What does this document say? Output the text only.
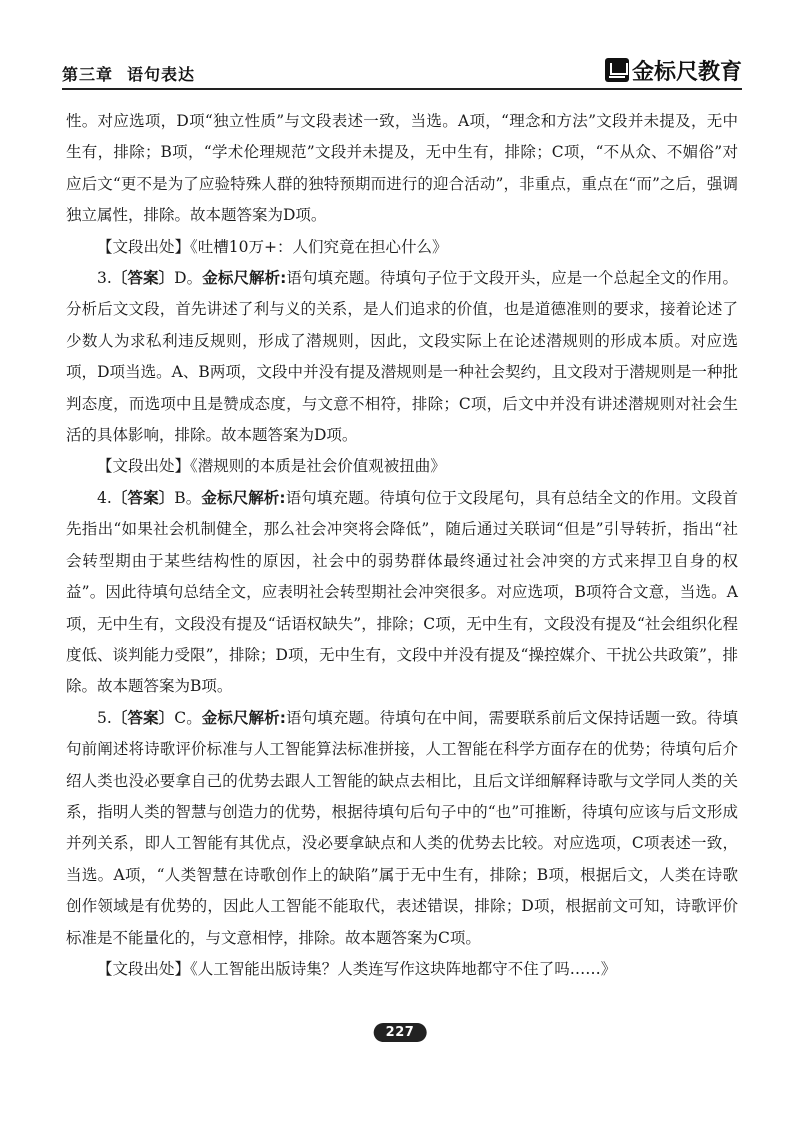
第三章 语句表达	金标尺教育

性。对应选项，D项“独立性质”与文段表述一致，当选。A项，“理念和方法”文段并未提及，无中生有，排除；B项，“学术伦理规范”文段并未提及，无中生有，排除；C项，“不从众、不媚俗”对应后文“更不是为了应验特殊人群的独特预期而进行的迎合活动”，非重点，重点在“而”之后，强调独立属性，排除。故本题答案为D项。

【文段出处】《吐槽10万+：人们究竟在担心什么》

3.〔答案〕D。金标尺解析:语句填充题。待填句子位于文段开头，应是一个总起全文的作用。分析后文文段，首先讲述了利与义的关系，是人们追求的价值，也是道德准则的要求，接着论述了少数人为求私利违反规则，形成了潜规则，因此，文段实际上在论述潜规则的形成本质。对应选项，D项当选。A、B两项，文段中并没有提及潜规则是一种社会契约，且文段对于潜规则是一种批判态度，而选项中且是赞成态度，与文意不相符，排除；C项，后文中并没有讲述潜规则对社会生活的具体影响，排除。故本题答案为D项。

【文段出处】《潜规则的本质是社会价值观被扭曲》

4.〔答案〕B。金标尺解析:语句填充题。待填句位于文段尾句，具有总结全文的作用。文段首先指出“如果社会机制健全，那么社会冲突将会降低”，随后通过关联词“但是”引导转折，指出“社会转型期由于某些结构性的原因，社会中的弱势群体最终通过社会冲突的方式来捍卫自身的权益”。因此待填句总结全文，应表明社会转型期社会冲突很多。对应选项，B项符合文意，当选。A项，无中生有，文段没有提及“话语权缺失”，排除；C项，无中生有，文段没有提及“社会组织化程度低、谈判能力受限”，排除；D项，无中生有，文段中并没有提及“操控媒介、干扰公共政策”，排除。故本题答案为B项。

5.〔答案〕C。金标尺解析:语句填充题。待填句在中间，需要联系前后文保持话题一致。待填句前阐述将诗歌评价标准与人工智能算法标准拼接，人工智能在科学方面存在的优势；待填句后介绍人类也没必要拿自己的优势去跟人工智能的缺点去相比，且后文详细解释诗歌与文学同人类的关系，指明人类的智慧与创造力的优势，根据待填句后句子中的“也”可推断，待填句应该与后文形成并列关系，即人工智能有其优点，没必要拿缺点和人类的优势去比较。对应选项，C项表述一致，当选。A项，“人类智慧在诗歌创作上的缺陷”属于无中生有，排除；B项，根据后文，人类在诗歌创作领域是有优势的，因此人工智能不能取代，表述错误，排除；D项，根据前文可知，诗歌评价标准是不能量化的，与文意相悖，排除。故本题答案为C项。

【文段出处】《人工智能出版诗集？人类连写作这块阵地都守不住了吗……》

227
